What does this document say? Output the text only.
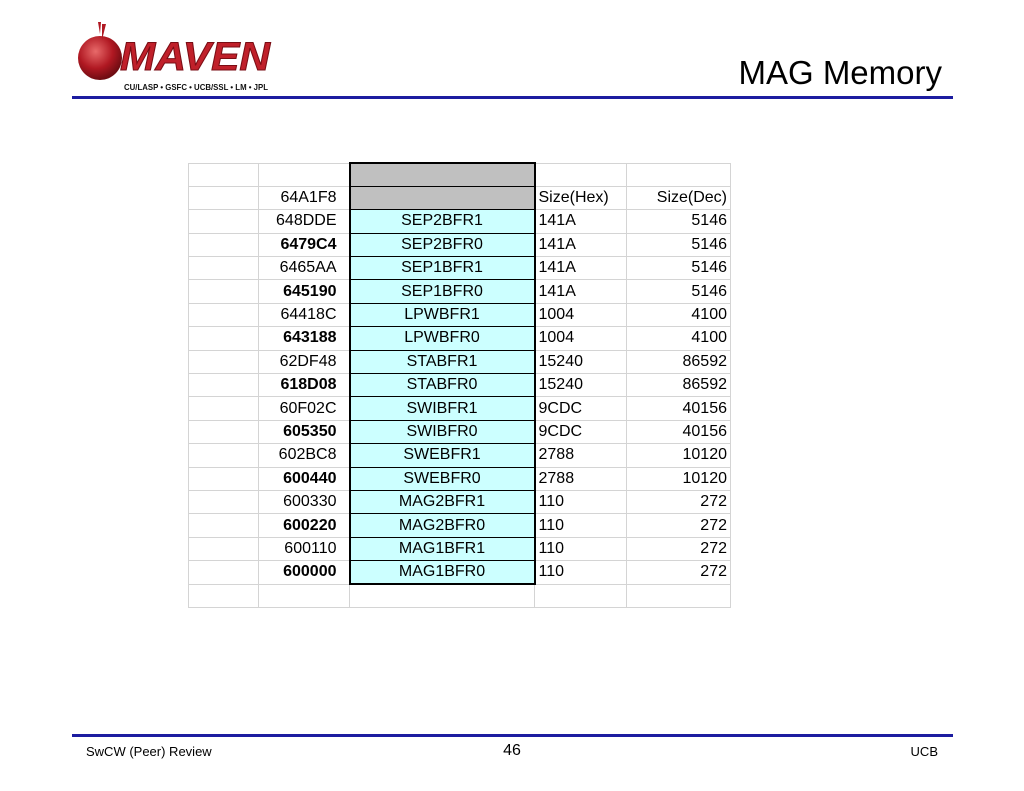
MAVEN
CU/LASP • GSFC • UCB/SSL • LM • JPL	MAG Memory

	64A1F8		Size(Hex)	Size(Dec)
	648DDE	SEP2BFR1	141A	5146
	6479C4	SEP2BFR0	141A	5146
	6465AA	SEP1BFR1	141A	5146
	645190	SEP1BFR0	141A	5146
	64418C	LPWBFR1	1004	4100
	643188	LPWBFR0	1004	4100
	62DF48	STABFR1	15240	86592
	618D08	STABFR0	15240	86592
	60F02C	SWIBFR1	9CDC	40156
	605350	SWIBFR0	9CDC	40156
	602BC8	SWEBFR1	2788	10120
	600440	SWEBFR0	2788	10120
	600330	MAG2BFR1	110	272
	600220	MAG2BFR0	110	272
	600110	MAG1BFR1	110	272
	600000	MAG1BFR0	110	272

SwCW (Peer) Review	46	UCB
